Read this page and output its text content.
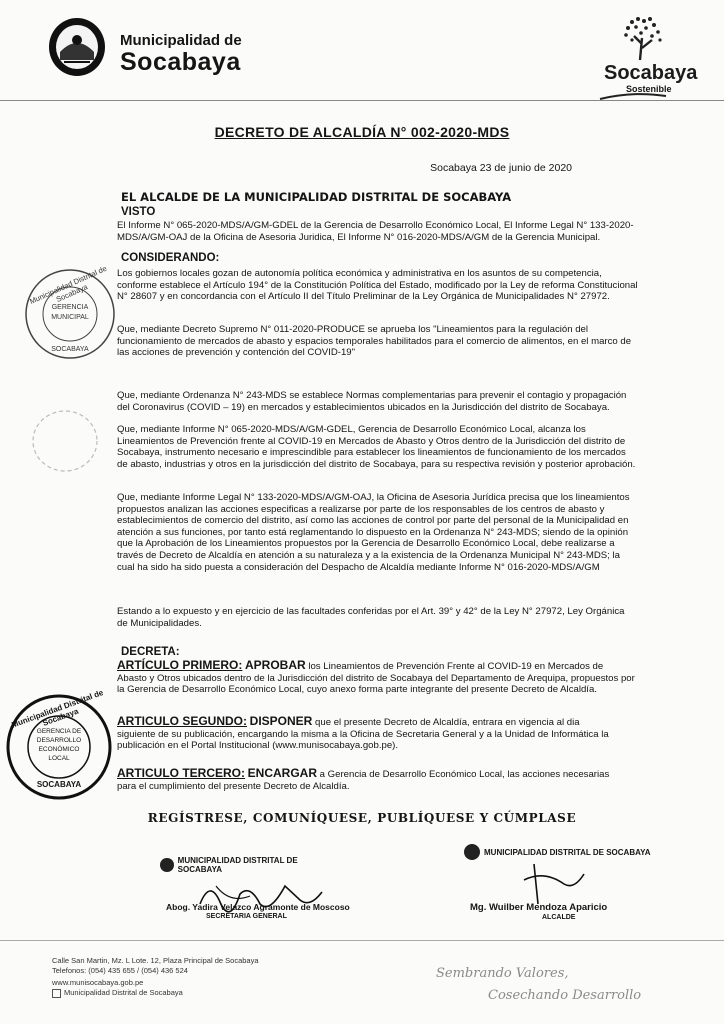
Municipalidad de
Socabaya	Socabaya
Sostenible
DECRETO DE ALCALDÍA N° 002-2020-MDS
Socabaya 23 de junio de 2020
EL ALCALDE DE LA MUNICIPALIDAD DISTRITAL DE SOCABAYA
VISTO
El Informe N° 065-2020-MDS/A/GM-GDEL de la Gerencia de Desarrollo Económico Local, El Informe Legal N° 133-2020-
MDS/A/GM-OAJ de la Oficina de Asesoria Juridica, El Informe N° 016-2020-MDS/A/GM de la Gerencia Municipal.
CONSIDERANDO:
Los gobiernos locales gozan de autonomía política económica y administrativa en los asuntos de su competencia,
conforme establece el Artículo 194° de la Constitución Política del Estado, modificado por la Ley de reforma Constitucional
N° 28607 y en concordancia con el Artículo II del Título Preliminar de la Ley Orgánica de Municipalidades N° 27972.
Que, mediante Decreto Supremo N° 011-2020-PRODUCE se aprueba los "Lineamientos para la regulación del
funcionamiento de mercados de abasto y espacios temporales habilitados para el comercio de alimentos, en el marco de
las acciones de prevención y contención del COVID-19"
Que, mediante Ordenanza N° 243-MDS se establece Normas complementarias para prevenir el contagio y propagación
del Coronavirus (COVID – 19) en mercados y establecimientos ubicados en la Jurisdicción del distrito de Socabaya.
Que, mediante Informe N° 065-2020-MDS/A/GM-GDEL, Gerencia de Desarrollo Económico Local, alcanza los
Lineamientos de Prevención frente al COVID-19 en Mercados de Abasto y Otros dentro de la Jurisdicción del distrito de
Socabaya, instrumento necesario e imprescindible para establecer los lineamientos de funcionamiento de los mercados
de abasto, industrias y otros en la jurisdicción del distrito de Socabaya, para su respectiva revisión y posterior aprobación.
Que, mediante Informe Legal N° 133-2020-MDS/A/GM-OAJ, la Oficina de Asesoria Jurídica precisa que los lineamientos
propuestos analizan las acciones especificas a realizarse por parte de los responsables de los centros de abasto y
establecimientos de comercio del distrito, así como las acciones de control por parte del personal de la Municipalidad en
atención a sus funciones, por tanto está reglamentando lo dispuesto en la Ordenanza N° 243-MDS; siendo de la opinión
que la Aprobación de los Lineamientos propuestos por la Gerencia de Desarrollo Económico Local, debe realizarse a
través de Decreto de Alcaldía en atención a su naturaleza y a la existencia de la Ordenanza Municipal N° 243-MDS; la
cual ha sido ha sido puesta a consideración del Despacho de Alcaldía mediante Informe N° 016-2020-MDS/A/GM
Estando a lo expuesto y en ejercicio de las facultades conferidas por el Art. 39° y 42° de la Ley N° 27972, Ley Orgánica
de Municipalidades.
DECRETA:
ARTÍCULO PRIMERO: APROBAR los Lineamientos de Prevención Frente al COVID-19 en Mercados de
Abasto y Otros ubicados dentro de la Jurisdicción del distrito de Socabaya del Departamento de Arequipa, propuestos por
la Gerencia de Desarrollo Económico Local, cuyo anexo forma parte integrante del presente Decreto de Alcaldía.
ARTICULO SEGUNDO: DISPONER que el presente Decreto de Alcaldía, entrara en vigencia al dia
siguiente de su publicación, encargando la misma a la Oficina de Secretaria General y a la Unidad de Informática la
publicación en el Portal Institucional (www.munisocabaya.gob.pe).
ARTICULO TERCERO: ENCARGAR a Gerencia de Desarrollo Económico Local, las acciones necesarias
para el cumplimiento del presente Decreto de Alcaldía.
REGÍSTRESE, COMUNÍQUESE, PUBLÍQUESE Y CÚMPLASE
Municipalidad Distrital de Socabaya
GERENCIA
MUNICIPAL
SOCABAYA
Municipalidad Distrital de Socabaya
GERENCIA DE
DESARROLLO
ECONÓMICO
LOCAL
SOCABAYA
MUNICIPALIDAD DISTRITAL DE SOCABAYA
Abog. Yadira Velazco Agramonte de Moscoso
SECRETARIA GENERAL
MUNICIPALIDAD DISTRITAL DE SOCABAYA
Mg. Wuilber Mendoza Aparicio
ALCALDE
Calle San Martin, Mz. L Lote. 12, Plaza Principal de Socabaya
Telefonos: (054) 435 655 / (054) 436 524
www.munisocabaya.gob.pe
Municipalidad Distrital de Socabaya
Sembrando Valores,
Cosechando Desarrollo
